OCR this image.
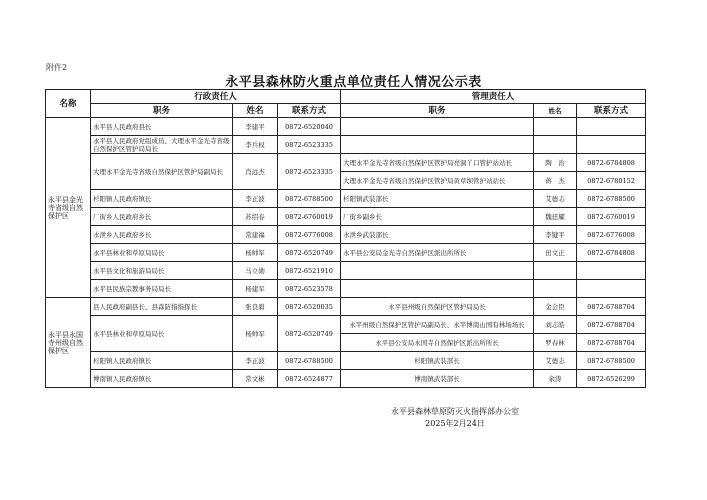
附件2
永平县森林防火重点单位责任人情况公示表
名称	行政责任人			管理责任人		
	职务	姓名	联系方式	职务	姓名	联系方式
永平县金光寺省级自然保护区	永平县人民政府县长	李建平	0872-6520040			
	永平县人民政府党组成员、大理永平金光寺省级自然保护区管护局局长	李兵权	0872-6523335			
	大理永平金光寺省级自然保护区管护局副局长	肖远杰	0872-6523335	大理永平金光寺省级自然保护区管护局亮洞丫口管护站站长	陶　治	0872-6784808
				大理永平金光寺省级自然保护区管护局黄草坝管护站站长	蒋　杰	0872-6780152
	杉阳镇人民政府镇长	李正波	0872-6788500	杉阳镇武装部长	艾德志	0872-6788500
	厂街乡人民政府乡长	苏绍春	0872-6760019	厂街乡副乡长	魏廷耀	0872-6760019
	水泄乡人民政府乡长	常建福	0872-6776008	水泄乡武装部长	李键平	0872-6776008
	永平县林业和草原局局长	杨帅军	0872-6520749	永平县公安局金光寺自然保护区派出所所长	田文正	0872-6784808
	永平县文化和旅游局局长	马立勋	0872-6521910			
	永平县民族宗教事务局局长	杨建军	0872-6523578			
永平县永国寺州级自然保护区	县人民政府副县长、县森防指指挥长	张良碧	0872-6520035	永平县州级自然保护区管护局局长	金会臣	0872-6788704
	永平县林业和草原局局长	杨帅军	0872-6520749	永平州级自然保护区管护局副局长、永平博南山国有林场场长	刘志皓	0872-6788704
				永平县公安局永国寺自然保护区派出所所长	罗春林	0872-6788704
	杉阳镇人民政府镇长	李正波	0872-6788500	杉阳镇武装部长	艾德志	0872-6788500
	博南镇人民政府镇长	常文彬	0872-6524877	博南镇武装部长	余涛	0872-6526299
永平县森林草原防灭火指挥部办公室
2025年2月24日
